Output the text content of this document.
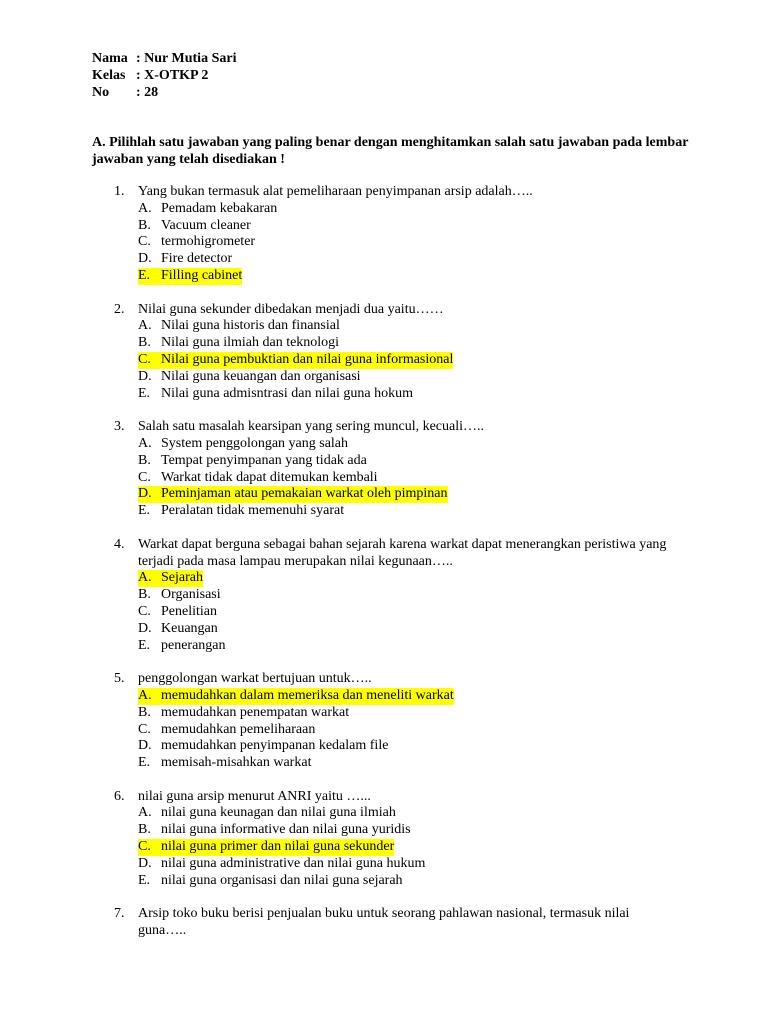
Nama : Nur Mutia Sari
Kelas : X-OTKP 2
No	: 28
A. Pilihlah satu jawaban yang paling benar dengan menghitamkan salah satu jawaban pada lembar jawaban yang telah disediakan !
1. Yang bukan termasuk alat pemeliharaan penyimpanan arsip adalah…..
A. Pemadam kebakaran
B. Vacuum cleaner
C. termohigrometer
D. Fire detector
E. Filling cabinet
2. Nilai guna sekunder dibedakan menjadi dua yaitu……
A. Nilai guna historis dan finansial
B. Nilai guna ilmiah dan teknologi
C. Nilai guna pembuktian dan nilai guna informasional
D. Nilai guna keuangan dan organisasi
E. Nilai guna admisntrasi dan nilai guna hokum
3. Salah satu masalah kearsipan yang sering muncul, kecuali…..
A. System penggolongan yang salah
B. Tempat penyimpanan yang tidak ada
C. Warkat tidak dapat ditemukan kembali
D. Peminjaman atau pemakaian warkat oleh pimpinan
E. Peralatan tidak memenuhi syarat
4. Warkat dapat berguna sebagai bahan sejarah karena warkat dapat menerangkan peristiwa yang terjadi pada masa lampau merupakan nilai kegunaan…..
A. Sejarah
B. Organisasi
C. Penelitian
D. Keuangan
E. penerangan
5. penggolongan warkat bertujuan untuk…..
A. memudahkan dalam memeriksa dan meneliti warkat
B. memudahkan penempatan warkat
C. memudahkan pemeliharaan
D. memudahkan penyimpanan kedalam file
E. memisah-misahkan warkat
6. nilai guna arsip menurut ANRI yaitu …...
A. nilai guna keunagan dan nilai guna ilmiah
B. nilai guna informative dan nilai guna yuridis
C. nilai guna primer dan nilai guna sekunder
D. nilai guna administrative dan nilai guna hukum
E. nilai guna organisasi dan nilai guna sejarah
7. Arsip toko buku berisi penjualan buku untuk seorang pahlawan nasional, termasuk nilai guna…..
